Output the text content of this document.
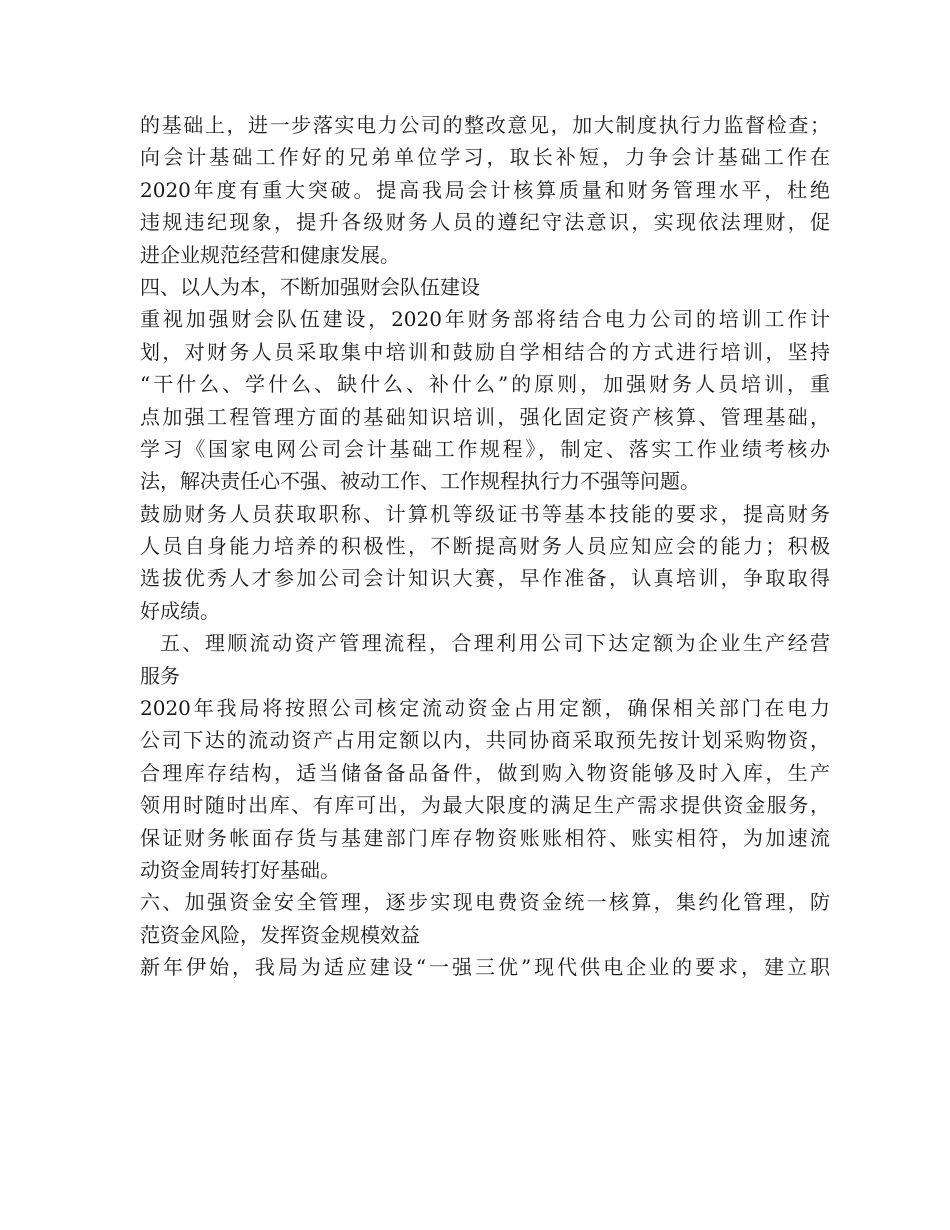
的基础上，进一步落实电力公司的整改意见，加大制度执行力监督检查；
向会计基础工作好的兄弟单位学习，取长补短，力争会计基础工作在
2020年度有重大突破。提高我局会计核算质量和财务管理水平，杜绝
违规违纪现象，提升各级财务人员的遵纪守法意识，实现依法理财，促
进企业规范经营和健康发展。
四、以人为本，不断加强财会队伍建设
重视加强财会队伍建设，2020年财务部将结合电力公司的培训工作计
划，对财务人员采取集中培训和鼓励自学相结合的方式进行培训，坚持
“干什么、学什么、缺什么、补什么”的原则，加强财务人员培训，重
点加强工程管理方面的基础知识培训，强化固定资产核算、管理基础，
学习《国家电网公司会计基础工作规程》，制定、落实工作业绩考核办
法，解决责任心不强、被动工作、工作规程执行力不强等问题。
鼓励财务人员获取职称、计算机等级证书等基本技能的要求，提高财务
人员自身能力培养的积极性，不断提高财务人员应知应会的能力；积极
选拔优秀人才参加公司会计知识大赛，早作准备，认真培训，争取取得
好成绩。
五、理顺流动资产管理流程，合理利用公司下达定额为企业生产经营
服务
2020年我局将按照公司核定流动资金占用定额，确保相关部门在电力
公司下达的流动资产占用定额以内，共同协商采取预先按计划采购物资，
合理库存结构，适当储备备品备件，做到购入物资能够及时入库，生产
领用时随时出库、有库可出，为最大限度的满足生产需求提供资金服务，
保证财务帐面存货与基建部门库存物资账账相符、账实相符，为加速流
动资金周转打好基础。
六、加强资金安全管理，逐步实现电费资金统一核算，集约化管理，防
范资金风险，发挥资金规模效益
新年伊始，我局为适应建设“一强三优”现代供电企业的要求，建立职
